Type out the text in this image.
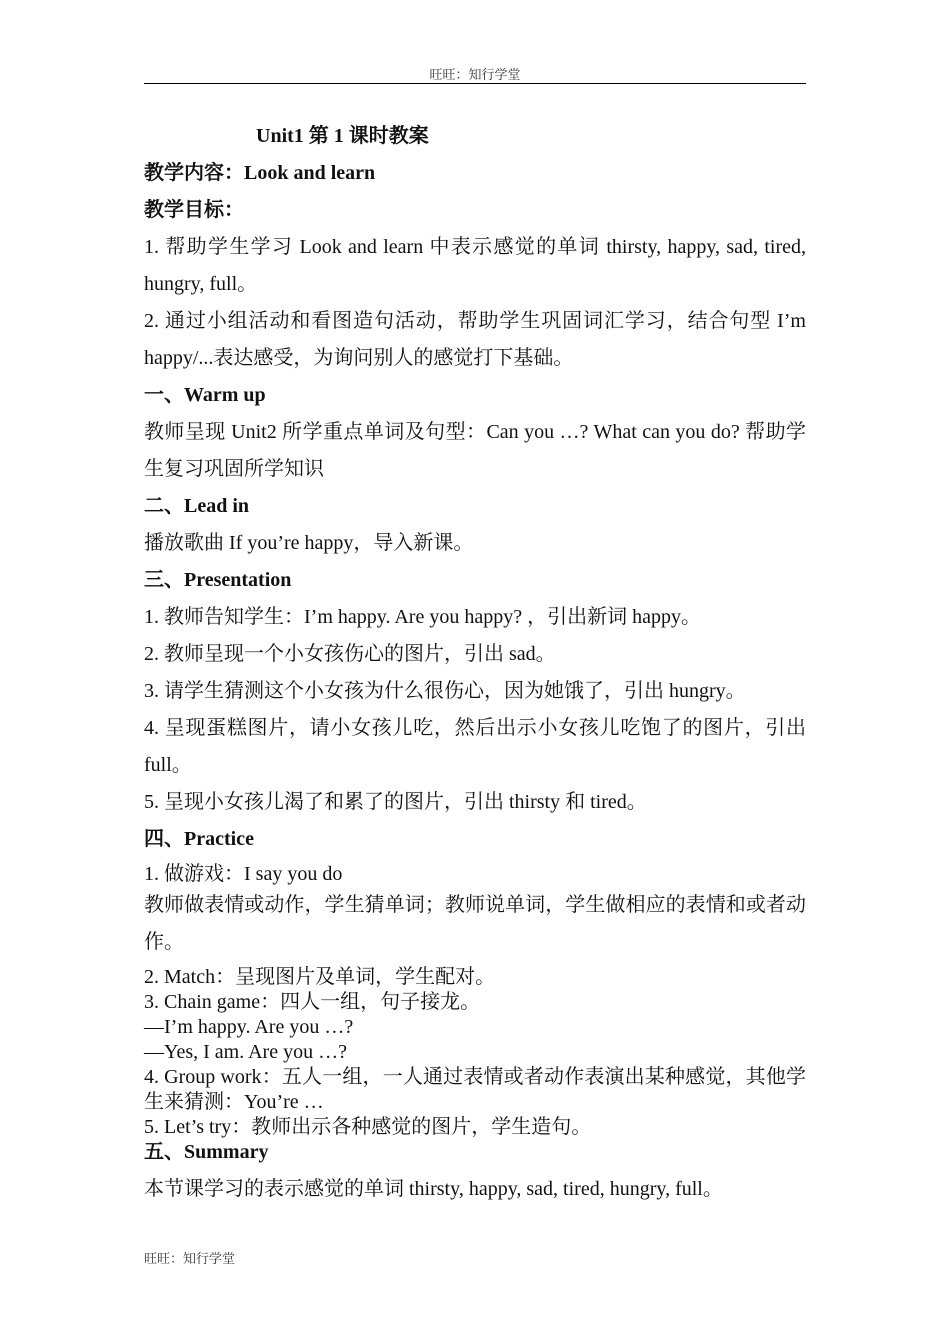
旺旺：知行学堂
Unit1 第 1 课时教案
教学内容：Look and learn
教学目标：
1. 帮助学生学习 Look and learn 中表示感觉的单词 thirsty, happy, sad, tired, hungry, full。
2. 通过小组活动和看图造句活动，帮助学生巩固词汇学习，结合句型 I’m happy/...表达感受，为询问别人的感觉打下基础。
一、Warm up
教师呈现 Unit2 所学重点单词及句型：Can you …? What can you do? 帮助学生复习巩固所学知识
二、Lead in
播放歌曲 If you’re happy，导入新课。
三、Presentation
1. 教师告知学生：I’m happy. Are you happy? ，引出新词 happy。
2. 教师呈现一个小女孩伤心的图片，引出 sad。
3. 请学生猜测这个小女孩为什么很伤心，因为她饿了，引出 hungry。
4. 呈现蛋糕图片，请小女孩儿吃，然后出示小女孩儿吃饱了的图片，引出 full。
5. 呈现小女孩儿渴了和累了的图片，引出 thirsty 和 tired。
四、Practice
1. 做游戏：I say you do
教师做表情或动作，学生猜单词；教师说单词，学生做相应的表情和或者动作。
2. Match：呈现图片及单词，学生配对。
3. Chain game：四人一组，句子接龙。
—I’m happy. Are you …?
—Yes, I am. Are you …?
4. Group work：五人一组，一人通过表情或者动作表演出某种感觉，其他学生来猜测：You’re …
5. Let’s try：教师出示各种感觉的图片，学生造句。
五、Summary
本节课学习的表示感觉的单词 thirsty, happy, sad, tired, hungry, full。
旺旺：知行学堂
